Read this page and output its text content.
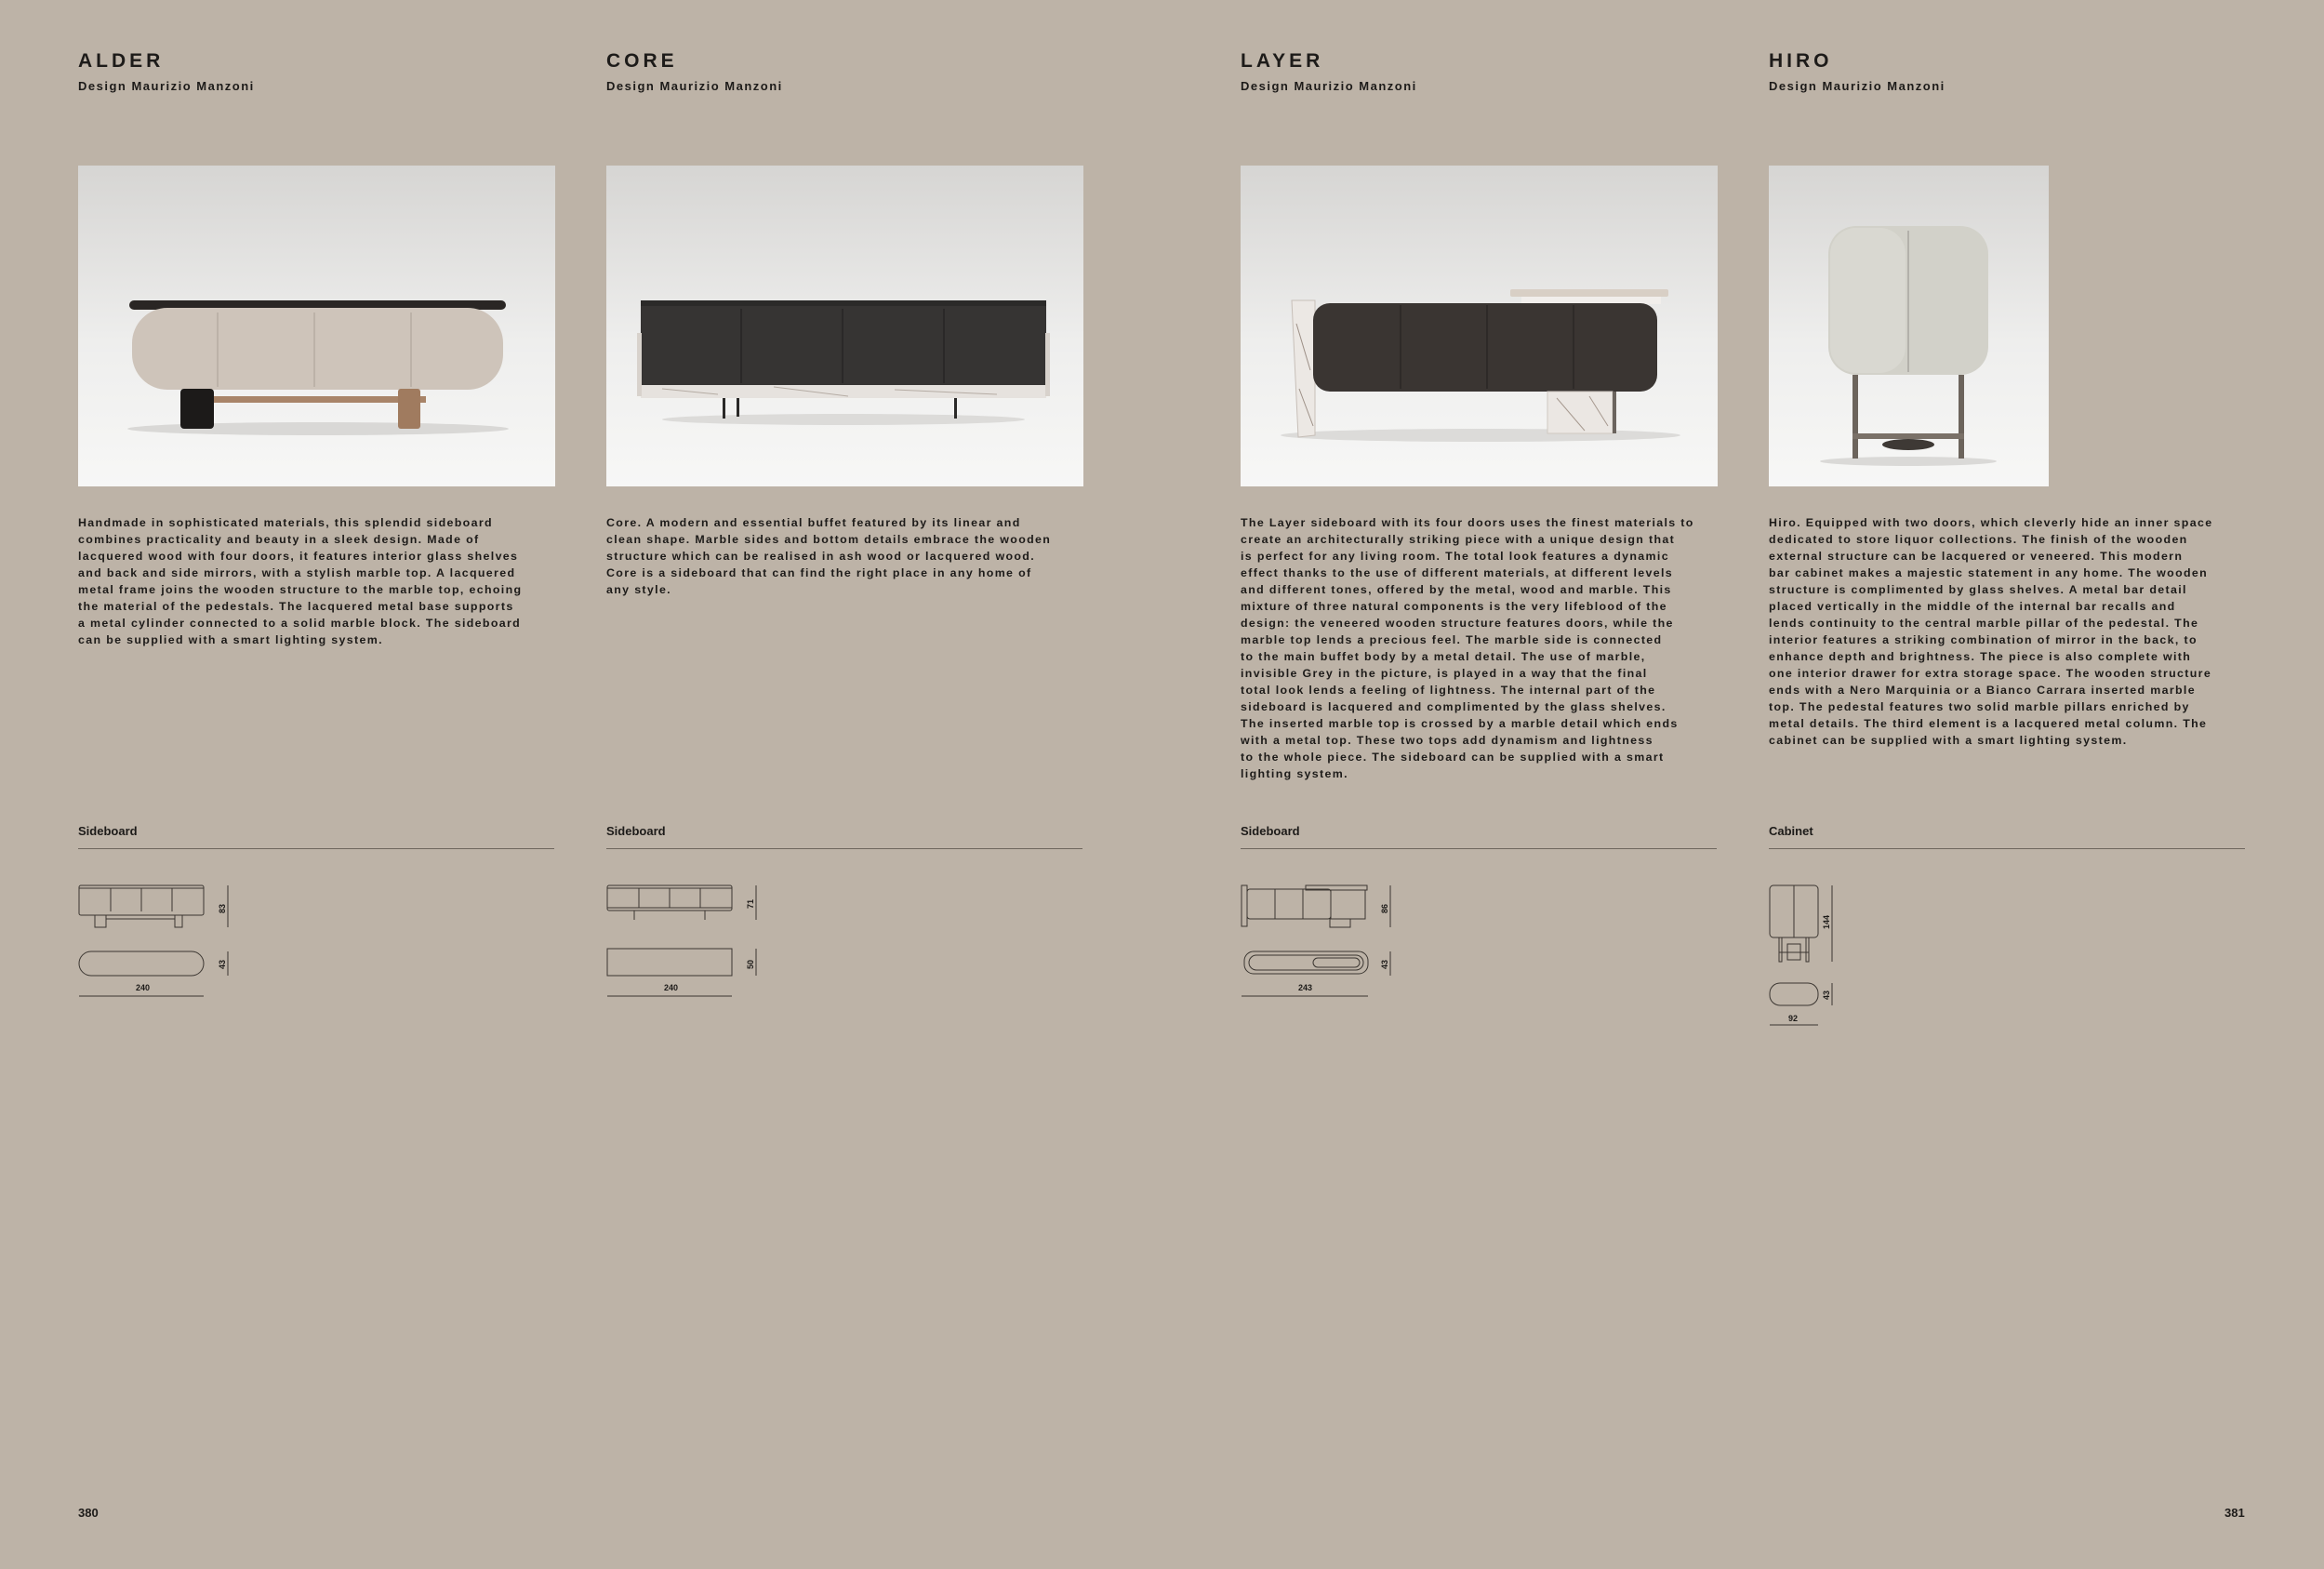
ALDER
Design Maurizio Manzoni

Handmade in sophisticated materials, this splendid sideboard
combines practicality and beauty in a sleek design. Made of
lacquered wood with four doors, it features interior glass shelves
and back and side mirrors, with a stylish marble top. A lacquered
metal frame joins the wooden structure to the marble top, echoing
the material of the pedestals. The lacquered metal base supports
a metal cylinder connected to a solid marble block. The sideboard
can be supplied with a smart lighting system.

Sideboard
83
43
240
CORE
Design Maurizio Manzoni

Core. A modern and essential buffet featured by its linear and
clean shape. Marble sides and bottom details embrace the wooden
structure which can be realised in ash wood or lacquered wood.
Core is a sideboard that can find the right place in any home of
any style.

Sideboard
71
50
240
LAYER
Design Maurizio Manzoni

The Layer sideboard with its four doors uses the finest materials to
create an architecturally striking piece with a unique design that
is perfect for any living room. The total look features a dynamic
effect thanks to the use of different materials, at different levels
and different tones, offered by the metal, wood and marble. This
mixture of three natural components is the very lifeblood of the
design: the veneered wooden structure features doors, while the
marble top lends a precious feel. The marble side is connected
to the main buffet body by a metal detail. The use of marble,
invisible Grey in the picture, is played in a way that the final
total look lends a feeling of lightness. The internal part of the
sideboard is lacquered and complimented by the glass shelves.
The inserted marble top is crossed by a marble detail which ends
with a metal top. These two tops add dynamism and lightness
to the whole piece. The sideboard can be supplied with a smart
lighting system.

Sideboard
86
43
243
HIRO
Design Maurizio Manzoni

Hiro. Equipped with two doors, which cleverly hide an inner space
dedicated to store liquor collections. The finish of the wooden
external structure can be lacquered or veneered. This modern
bar cabinet makes a majestic statement in any home. The wooden
structure is complimented by glass shelves. A metal bar detail
placed vertically in the middle of the internal bar recalls and
lends continuity to the central marble pillar of the pedestal. The
interior features a striking combination of mirror in the back, to
enhance depth and brightness. The piece is also complete with
one interior drawer for extra storage space. The wooden structure
ends with a Nero Marquinia or a Bianco Carrara inserted marble
top. The pedestal features two solid marble pillars enriched by
metal details. The third element is a lacquered metal column. The
cabinet can be supplied with a smart lighting system.

Cabinet
144
43
92
380	381
